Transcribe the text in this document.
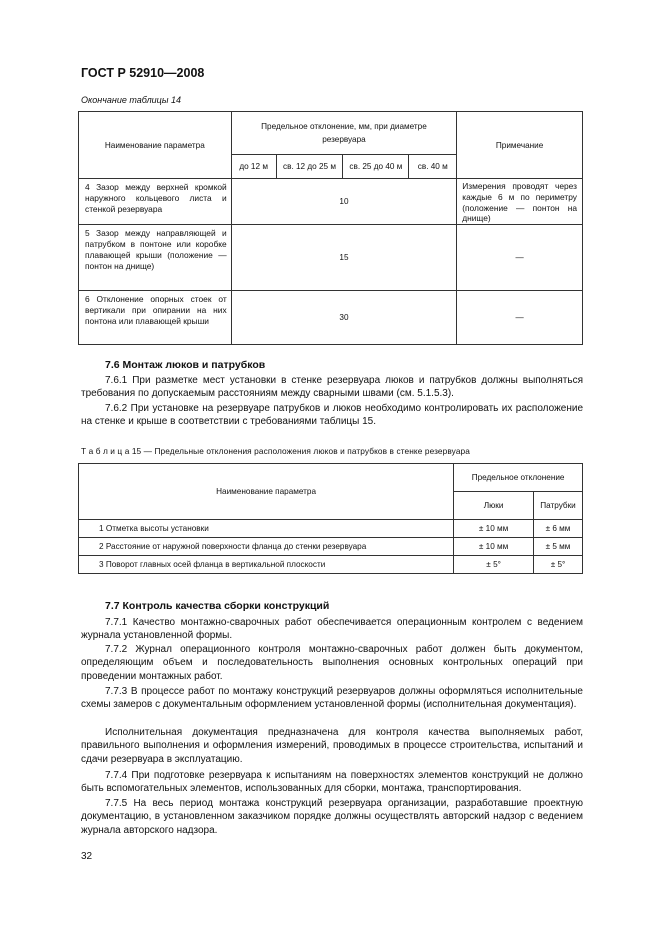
ГОСТ Р 52910—2008
Окончание таблицы 14
Наименование параметра	Предельное отклонение, мм, при диаметре резервуара				Примечание
	до 12 м	св. 12 до 25 м	св. 25 до 40 м	св. 40 м	
4 Зазор между верхней кромкой наружного кольцевого листа и стенкой резервуара	10				Измерения проводят через каждые 6 м по периметру (положение — понтон на днище)
5 Зазор между направляющей и патрубком в понтоне или коробке плавающей крыши (положение — понтон на днище)	15				—
6 Отклонение опорных стоек от вертикали при опирании на них понтона или плавающей крыши	30				—
7.6 Монтаж люков и патрубков
7.6.1 При разметке мест установки в стенке резервуара люков и патрубков должны выполняться требования по допускаемым расстояниям между сварными швами (см. 5.1.5.3).
7.6.2 При установке на резервуаре патрубков и люков необходимо контролировать их расположение на стенке и крыше в соответствии с требованиями таблицы 15.
Т а б л и ц а 15 — Предельные отклонения расположения люков и патрубков в стенке резервуара
Наименование параметра	Предельное отклонение	
	Люки	Патрубки
1 Отметка высоты установки	± 10 мм	± 6 мм
2 Расстояние от наружной поверхности фланца до стенки резервуара	± 10 мм	± 5 мм
3 Поворот главных осей фланца в вертикальной плоскости	± 5°	± 5°
7.7 Контроль качества сборки конструкций
7.7.1 Качество монтажно-сварочных работ обеспечивается операционным контролем с ведением журнала установленной формы.
7.7.2 Журнал операционного контроля монтажно-сварочных работ должен быть документом, определяющим объем и последовательность выполнения основных контрольных операций при проведении монтажных работ.
7.7.3 В процессе работ по монтажу конструкций резервуаров должны оформляться исполнительные схемы замеров с документальным оформлением установленной формы (исполнительная документация).
Исполнительная документация предназначена для контроля качества выполняемых работ, правильного выполнения и оформления измерений, проводимых в процессе строительства, испытаний и сдачи резервуара в эксплуатацию.
7.7.4 При подготовке резервуара к испытаниям на поверхностях элементов конструкций не должно быть вспомогательных элементов, использованных для сборки, монтажа, транспортирования.
7.7.5 На весь период монтажа конструкций резервуара организации, разработавшие проектную документацию, в установленном заказчиком порядке должны осуществлять авторский надзор с ведением журнала авторского надзора.
32
